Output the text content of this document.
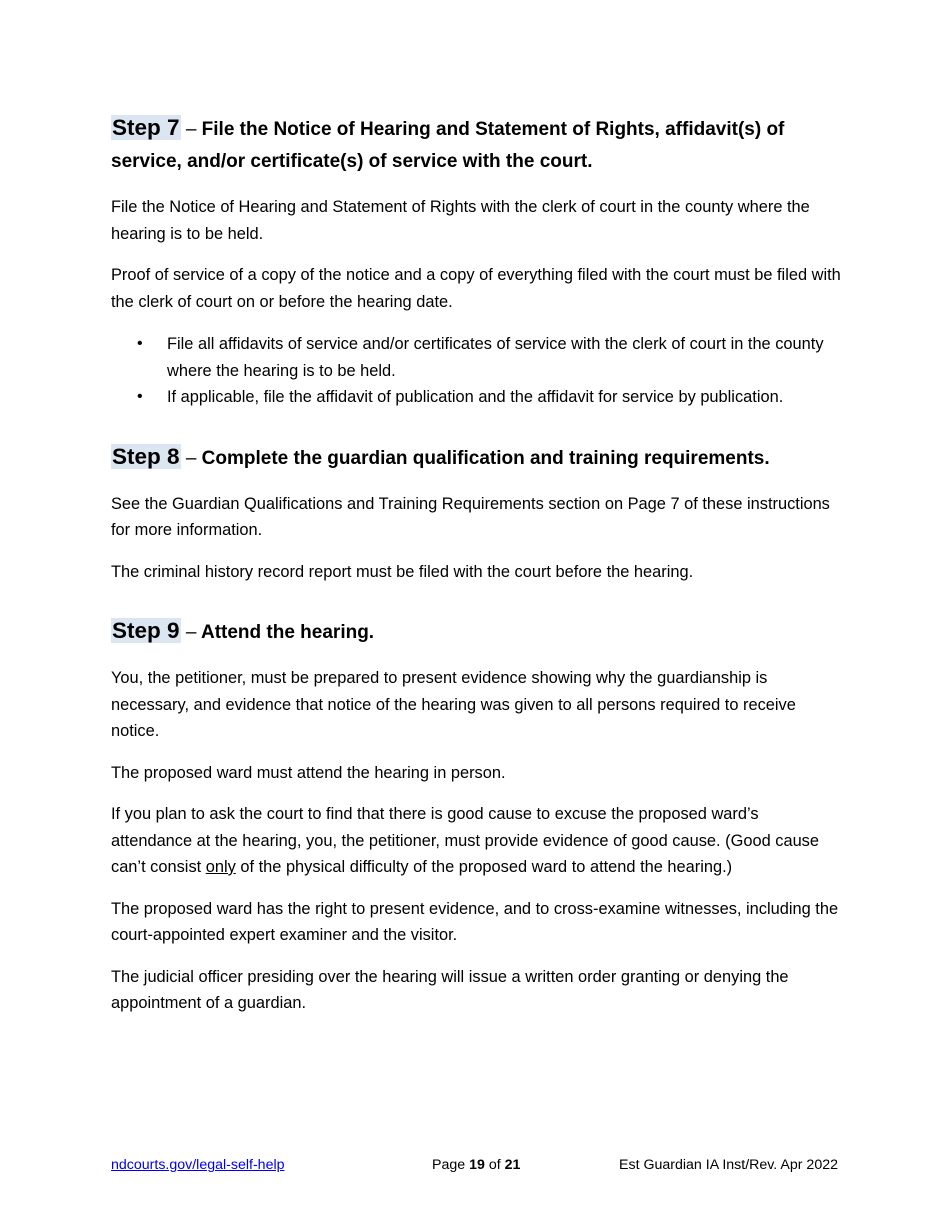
Step 7 – File the Notice of Hearing and Statement of Rights, affidavit(s) of service, and/or certificate(s) of service with the court.

File the Notice of Hearing and Statement of Rights with the clerk of court in the county where the hearing is to be held.

Proof of service of a copy of the notice and a copy of everything filed with the court must be filed with the clerk of court on or before the hearing date.

• File all affidavits of service and/or certificates of service with the clerk of court in the county where the hearing is to be held.
• If applicable, file the affidavit of publication and the affidavit for service by publication.
Step 8 – Complete the guardian qualification and training requirements.

See the Guardian Qualifications and Training Requirements section on Page 7 of these instructions for more information.

The criminal history record report must be filed with the court before the hearing.

Step 9 – Attend the hearing.

You, the petitioner, must be prepared to present evidence showing why the guardianship is necessary, and evidence that notice of the hearing was given to all persons required to receive notice.

The proposed ward must attend the hearing in person.

If you plan to ask the court to find that there is good cause to excuse the proposed ward’s attendance at the hearing, you, the petitioner, must provide evidence of good cause. (Good cause can’t consist only of the physical difficulty of the proposed ward to attend the hearing.)

The proposed ward has the right to present evidence, and to cross-examine witnesses, including the court-appointed expert examiner and the visitor.

The judicial officer presiding over the hearing will issue a written order granting or denying the appointment of a guardian.

ndcourts.gov/legal-self-help	Page 19 of 21	Est Guardian IA Inst/Rev. Apr 2022
